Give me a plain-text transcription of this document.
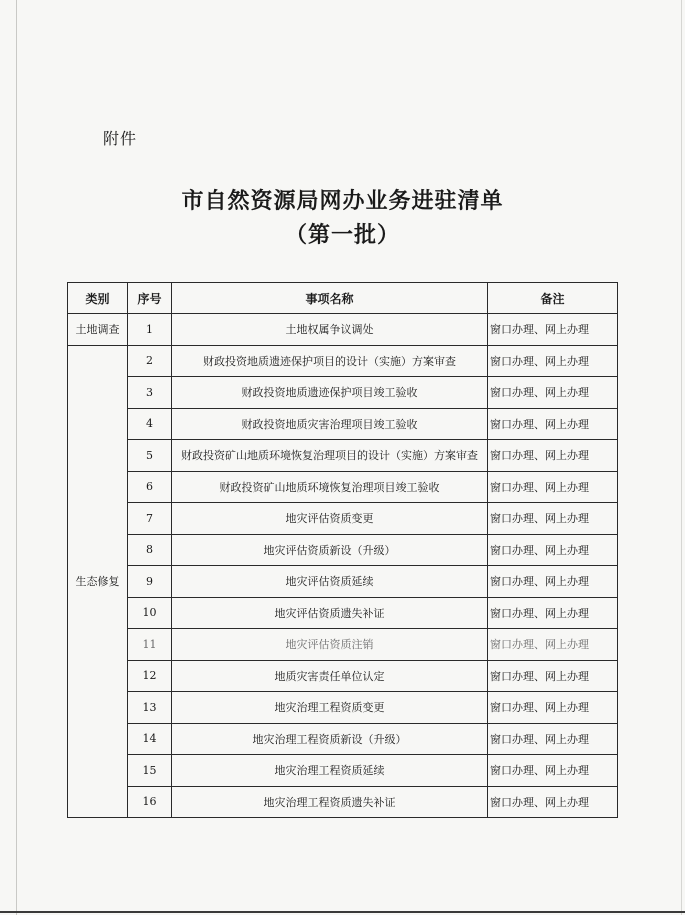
附件
市自然资源局网办业务进驻清单
（第一批）
类别	序号	事项名称	备注
土地调查	1	土地权属争议调处	窗口办理、网上办理
生态修复	2	财政投资地质遗迹保护项目的设计（实施）方案审查	窗口办理、网上办理
	3	财政投资地质遗迹保护项目竣工验收	窗口办理、网上办理
	4	财政投资地质灾害治理项目竣工验收	窗口办理、网上办理
	5	财政投资矿山地质环境恢复治理项目的设计（实施）方案审查	窗口办理、网上办理
	6	财政投资矿山地质环境恢复治理项目竣工验收	窗口办理、网上办理
	7	地灾评估资质变更	窗口办理、网上办理
	8	地灾评估资质新设（升级）	窗口办理、网上办理
	9	地灾评估资质延续	窗口办理、网上办理
	10	地灾评估资质遗失补证	窗口办理、网上办理
	11	地灾评估资质注销	窗口办理、网上办理
	12	地质灾害责任单位认定	窗口办理、网上办理
	13	地灾治理工程资质变更	窗口办理、网上办理
	14	地灾治理工程资质新设（升级）	窗口办理、网上办理
	15	地灾治理工程资质延续	窗口办理、网上办理
	16	地灾治理工程资质遗失补证	窗口办理、网上办理
